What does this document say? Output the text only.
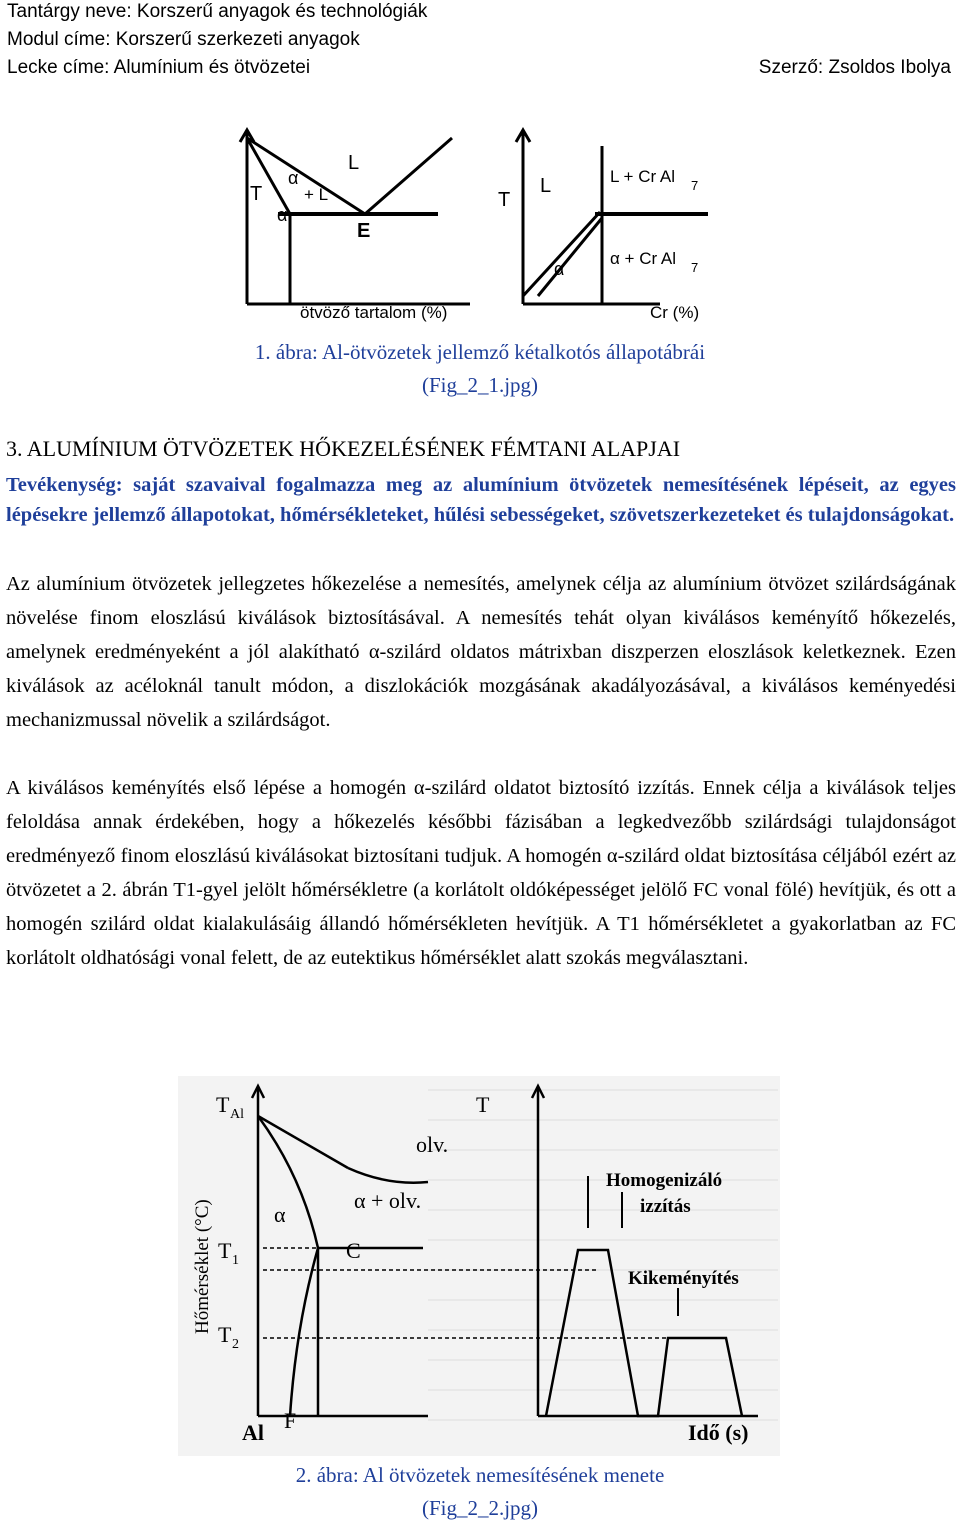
Tantárgy neve: Korszerű anyagok és technológiák
Modul címe: Korszerű szerkezeti anyagok
Lecke címe: Alumínium és ötvözetei	Szerző: Zsoldos Ibolya
T
α
+ L
α
L
E
ötvöző tartalom (%)
T
L	L + Cr Al 7
α
α + Cr Al 7
Cr (%)
1. ábra: Al-ötvözetek jellemző kétalkotós állapotábrái
(Fig_2_1.jpg)
3. ALUMÍNIUM ÖTVÖZETEK HŐKEZELÉSÉNEK FÉMTANI ALAPJAI
Tevékenység: saját szavaival fogalmazza meg az alumínium ötvözetek nemesítésének lépéseit, az egyes lépésekre jellemző állapotokat, hőmérsékleteket, hűlési sebességeket, szövetszerkezeteket és tulajdonságokat.
Az alumínium ötvözetek jellegzetes hőkezelése a nemesítés, amelynek célja az alumínium ötvözet szilárdságának növelése finom eloszlású kiválások biztosításával. A nemesítés tehát olyan kiválásos keményítő hőkezelés, amelynek eredményeként a jól alakítható α-szilárd oldatos mátrixban diszperzen eloszlások keletkeznek. Ezen kiválások az acéloknál tanult módon, a diszlokációk mozgásának akadályozásával, a kiválásos keményedési mechanizmussal növelik a szilárdságot.
A kiválásos keményítés első lépése a homogén α-szilárd oldatot biztosító izzítás. Ennek célja a kiválások teljes feloldása annak érdekében, hogy a hőkezelés későbbi fázisában a legkedvezőbb szilárdsági tulajdonságot eredményező finom eloszlású kiválásokat biztosítani tudjuk. A homogén α-szilárd oldat biztosítása céljából ezért az ötvözetet a 2. ábrán T1-gyel jelölt hőmérsékletre (a korlátolt oldóképességet jelölő FC vonal fölé) hevítjük, és ott a homogén szilárd oldat kialakulásáig állandó hőmérsékleten hevítjük. A T1 hőmérsékletet a gyakorlatban az FC korlátolt oldhatósági vonal felett, de az eutektikus hőmérséklet alatt szokás megválasztani.
T Al	T
olv.
α
α + olv.
T 1	C
T 2
Hőmérséklet (°C)
Al F	Idő (s)
Homogenizáló
izzítás
Kikeményítés
2. ábra: Al ötvözetek nemesítésének menete
(Fig_2_2.jpg)
